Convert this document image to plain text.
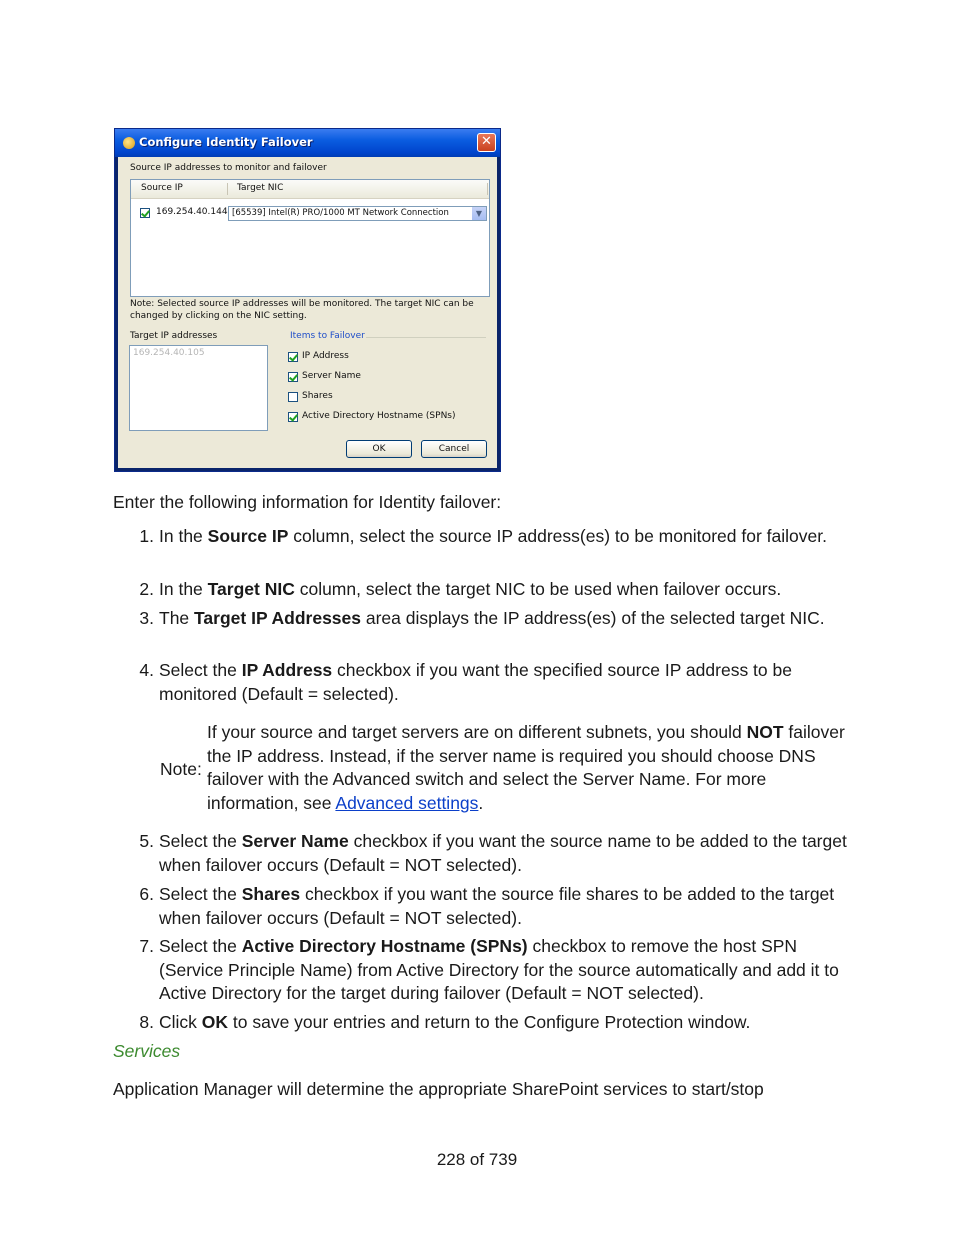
Configure Identity Failover	✕
Source IP addresses to monitor and failover
Source IP	Target NIC
169.254.40.144 [65539] Intel(R) PRO/1000 MT Network Connection	▼
Note: Selected source IP addresses will be monitored. The target NIC can be
changed by clicking on the NIC setting.
Target IP addresses
169.254.40.105
Items to Failover
IP Address
Server Name
Shares
Active Directory Hostname (SPNs)
OK	Cancel
Enter the following information for Identity failover:
1. In the Source IP column, select the source IP address(es) to be monitored for failover.
2. In the Target NIC column, select the target NIC to be used when failover occurs.
3. The Target IP Addresses area displays the IP address(es) of the selected target NIC.
4. Select the IP Address checkbox if you want the specified source IP address to be monitored (Default = selected).
Note:
If your source and target servers are on different subnets, you should NOT failover the IP address. Instead, if the server name is required you should choose DNS failover with the Advanced switch and select the Server Name. For more information, see Advanced settings.
5. Select the Server Name checkbox if you want the source name to be added to the target when failover occurs (Default = NOT selected).
6. Select the Shares checkbox if you want the source file shares to be added to the target when failover occurs (Default = NOT selected).
7. Select the Active Directory Hostname (SPNs) checkbox to remove the host SPN (Service Principle Name) from Active Directory for the source automatically and add it to Active Directory for the target during failover (Default = NOT selected).
8. Click OK to save your entries and return to the Configure Protection window.
Services
Application Manager will determine the appropriate SharePoint services to start/stop
228 of 739
